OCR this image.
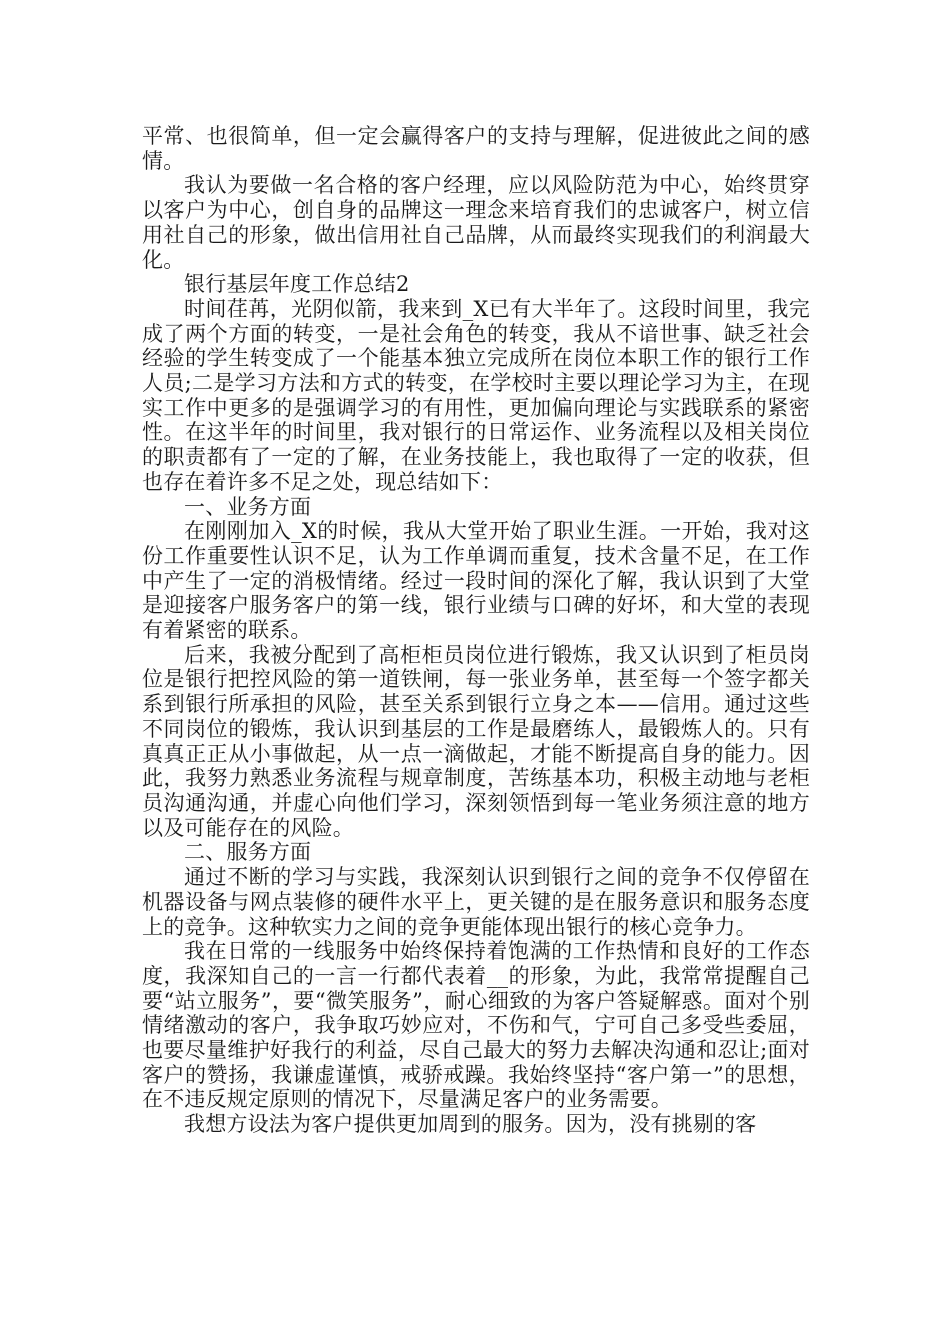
平常、也很简单，但一定会赢得客户的支持与理解，促进彼此之间的感情。

我认为要做一名合格的客户经理，应以风险防范为中心，始终贯穿以客户为中心，创自身的品牌这一理念来培育我们的忠诚客户，树立信用社自己的形象，做出信用社自己品牌，从而最终实现我们的利润最大化。

银行基层年度工作总结2

时间荏苒，光阴似箭，我来到_X已有大半年了。这段时间里，我完成了两个方面的转变，一是社会角色的转变，我从不谙世事、缺乏社会经验的学生转变成了一个能基本独立完成所在岗位本职工作的银行工作人员;二是学习方法和方式的转变，在学校时主要以理论学习为主，在现实工作中更多的是强调学习的有用性，更加偏向理论与实践联系的紧密性。在这半年的时间里，我对银行的日常运作、业务流程以及相关岗位的职责都有了一定的了解，在业务技能上，我也取得了一定的收获，但也存在着许多不足之处，现总结如下：

一、业务方面

在刚刚加入_X的时候，我从大堂开始了职业生涯。一开始，我对这份工作重要性认识不足，认为工作单调而重复，技术含量不足，在工作中产生了一定的消极情绪。经过一段时间的深化了解，我认识到了大堂是迎接客户服务客户的第一线，银行业绩与口碑的好坏，和大堂的表现有着紧密的联系。

后来，我被分配到了高柜柜员岗位进行锻炼，我又认识到了柜员岗位是银行把控风险的第一道铁闸，每一张业务单，甚至每一个签字都关系到银行所承担的风险，甚至关系到银行立身之本——信用。通过这些不同岗位的锻炼，我认识到基层的工作是最磨练人，最锻炼人的。只有真真正正从小事做起，从一点一滴做起，才能不断提高自身的能力。因此，我努力熟悉业务流程与规章制度，苦练基本功，积极主动地与老柜员沟通沟通，并虚心向他们学习，深刻领悟到每一笔业务须注意的地方以及可能存在的风险。

二、服务方面

通过不断的学习与实践，我深刻认识到银行之间的竞争不仅停留在机器设备与网点装修的硬件水平上，更关键的是在服务意识和服务态度上的竞争。这种软实力之间的竞争更能体现出银行的核心竞争力。

我在日常的一线服务中始终保持着饱满的工作热情和良好的工作态度，我深知自己的一言一行都代表着__的形象，为此，我常常提醒自己要“站立服务”，要“微笑服务”，耐心细致的为客户答疑解惑。面对个别情绪激动的客户，我争取巧妙应对，不伤和气，宁可自己多受些委屈，也要尽量维护好我行的利益，尽自己最大的努力去解决沟通和忍让;面对客户的赞扬，我谦虚谨慎，戒骄戒躁。我始终坚持“客户第一”的思想，在不违反规定原则的情况下，尽量满足客户的业务需要。

我想方设法为客户提供更加周到的服务。因为，没有挑剔的客
